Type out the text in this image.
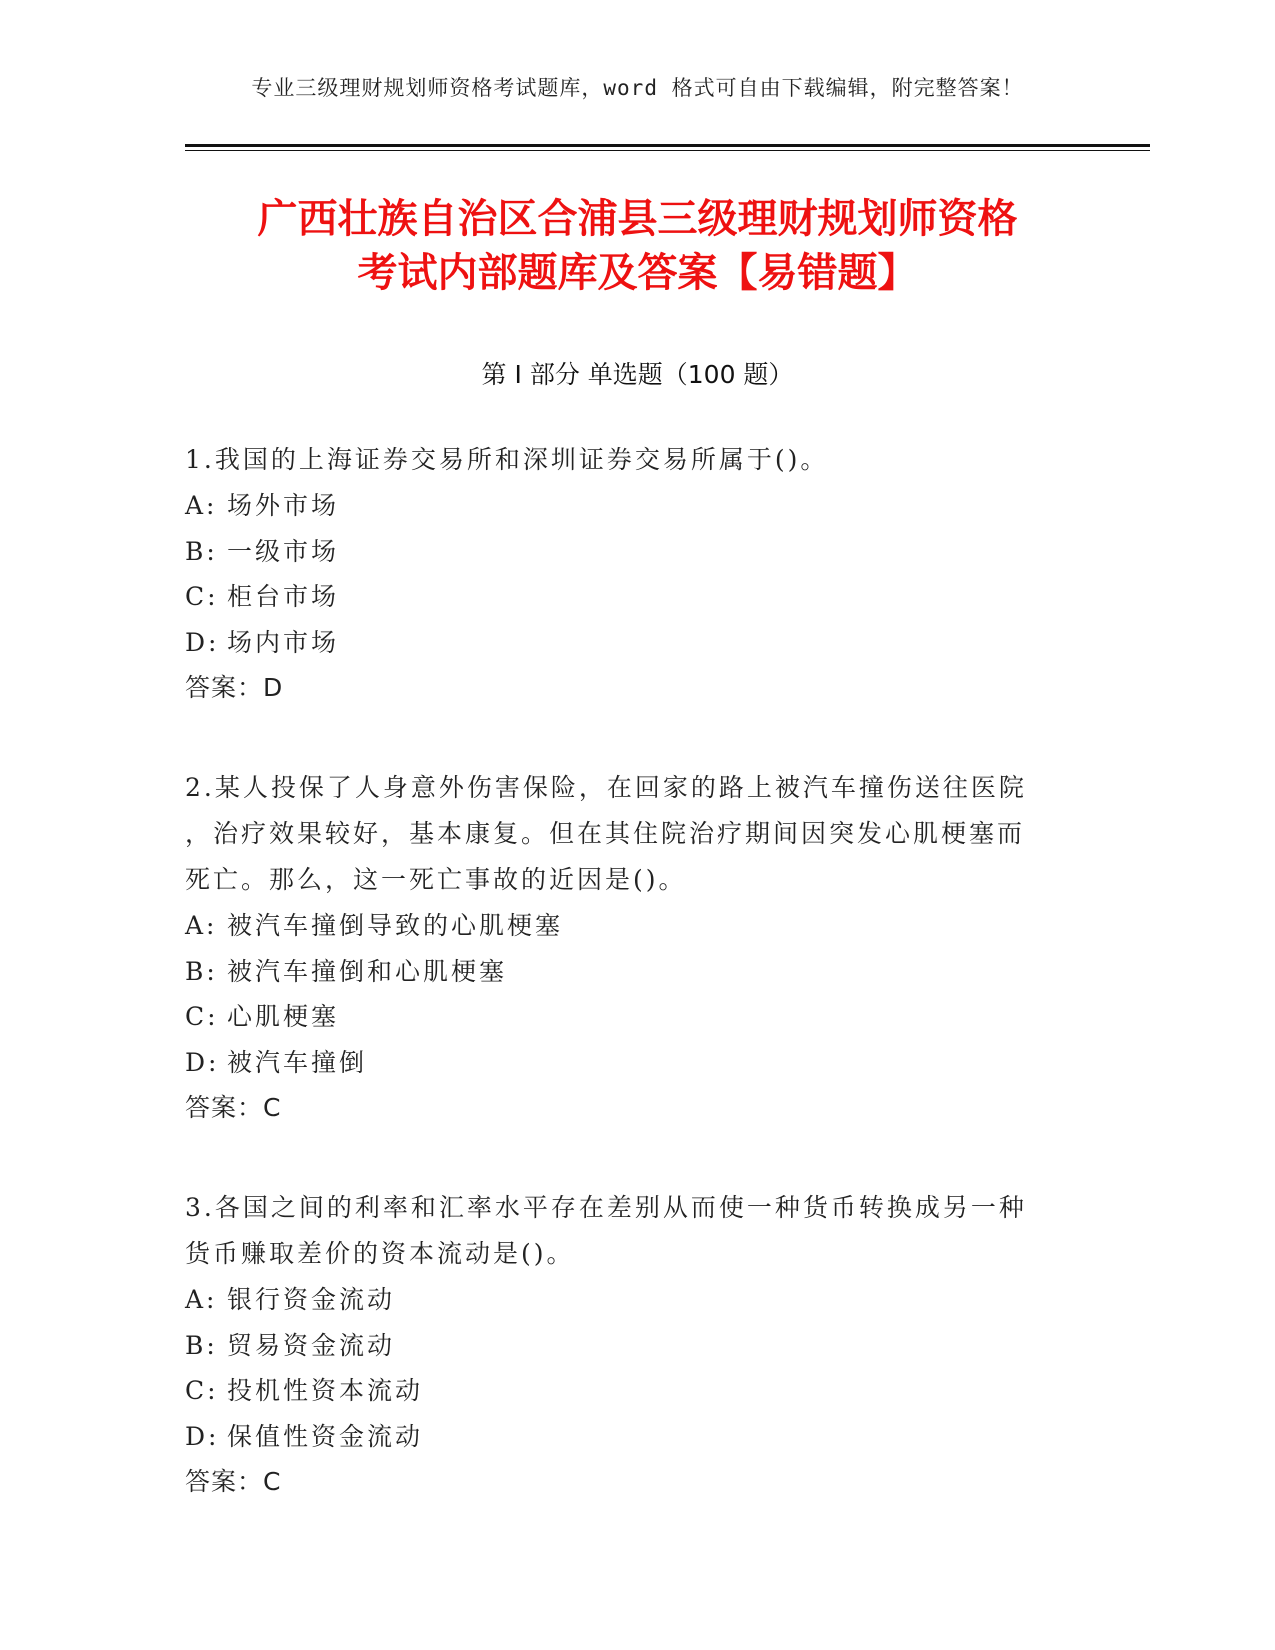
专业三级理财规划师资格考试题库，word 格式可自由下载编辑，附完整答案！
广西壮族自治区合浦县三级理财规划师资格
考试内部题库及答案【易错题】
第 I 部分 单选题（100 题）
1.我国的上海证券交易所和深圳证券交易所属于()。
A: 场外市场
B: 一级市场
C: 柜台市场
D: 场内市场
答案：D
2.某人投保了人身意外伤害保险，在回家的路上被汽车撞伤送往医院
，治疗效果较好，基本康复。但在其住院治疗期间因突发心肌梗塞而
死亡。那么，这一死亡事故的近因是()。
A: 被汽车撞倒导致的心肌梗塞
B: 被汽车撞倒和心肌梗塞
C: 心肌梗塞
D: 被汽车撞倒
答案：C
3.各国之间的利率和汇率水平存在差别从而使一种货币转换成另一种
货币赚取差价的资本流动是()。
A: 银行资金流动
B: 贸易资金流动
C: 投机性资本流动
D: 保值性资金流动
答案：C
